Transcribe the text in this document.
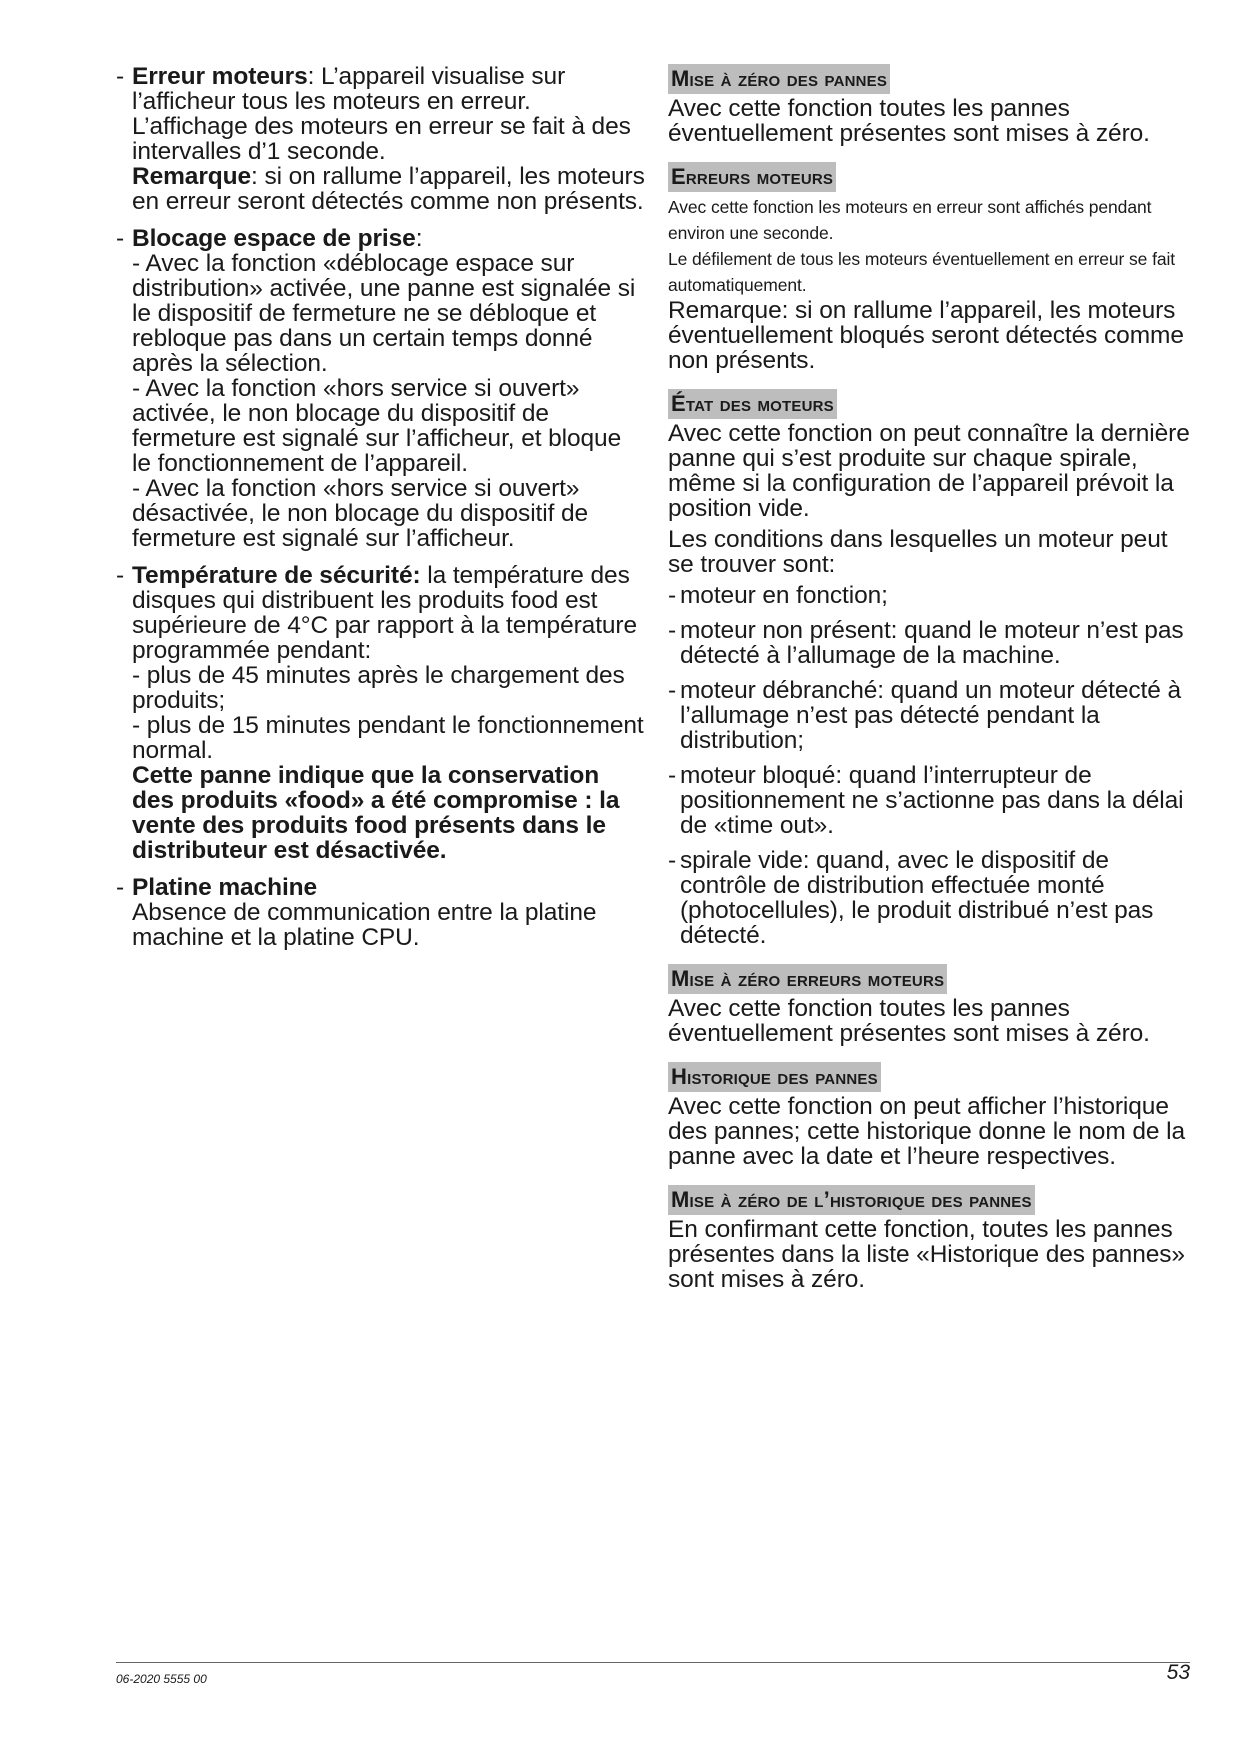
- Erreur moteurs: L’appareil visualise sur l’afficheur tous les moteurs en erreur. L’affichage des moteurs en erreur se fait à des intervalles d’1 seconde.

Remarque: si on rallume l’appareil, les moteurs en erreur seront détectés comme non présents.

- Blocage espace de prise:

- Avec la fonction «déblocage espace sur distribution» activée, une panne est signalée si le dispositif de fermeture ne se débloque et rebloque pas dans un certain temps donné après la sélection.

- Avec la fonction «hors service si ouvert» activée, le non blocage du dispositif de fermeture est signalé sur l’afficheur, et bloque le fonctionnement de l’appareil.

- Avec la fonction «hors service si ouvert» désactivée, le non blocage du dispositif de fermeture est signalé sur l’afficheur.

- Température de sécurité: la température des disques qui distribuent les produits food est supérieure de 4°C par rapport à la température programmée pendant:

- plus de 45 minutes après le chargement des produits;

- plus de 15 minutes pendant le fonctionnement normal.

Cette panne indique que la conservation des produits «food» a été compromise : la vente des produits food présents dans le distributeur est désactivée.

- Platine machine

Absence de communication entre la platine machine et la platine CPU.

Mise à zéro des pannes

Avec cette fonction toutes les pannes éventuellement présentes sont mises à zéro.

Erreurs moteurs

Avec cette fonction les moteurs en erreur sont affichés pendant environ une seconde.

Le défilement de tous les moteurs éventuellement en erreur se fait automatiquement.

Remarque: si on rallume l’appareil, les moteurs éventuellement bloqués seront détectés comme non présents.

État des moteurs

Avec cette fonction on peut connaître la dernière panne qui s’est produite sur chaque spirale, même si la configuration de l’appareil prévoit la position vide.

Les conditions dans lesquelles un moteur peut se trouver sont:

- moteur en fonction;

- moteur non présent: quand le moteur n’est pas détecté à l’allumage de la machine.

- moteur débranché: quand un moteur détecté à l’allumage n’est pas détecté pendant la distribution;

- moteur bloqué: quand l’interrupteur de positionnement ne s’actionne pas dans la délai de «time out».

- spirale vide: quand, avec le dispositif de contrôle de distribution effectuée monté (photocellules), le produit distribué n’est pas détecté.

Mise à zéro erreurs moteurs

Avec cette fonction toutes les pannes éventuellement présentes sont mises à zéro.

Historique des pannes

Avec cette fonction on peut afficher l’historique des pannes; cette historique donne le nom de la panne avec la date et l’heure respectives.

Mise à zéro de l’historique des pannes

En confirmant cette fonction, toutes les pannes présentes dans la liste «Historique des pannes» sont mises à zéro.

06-2020 5555 00	53
